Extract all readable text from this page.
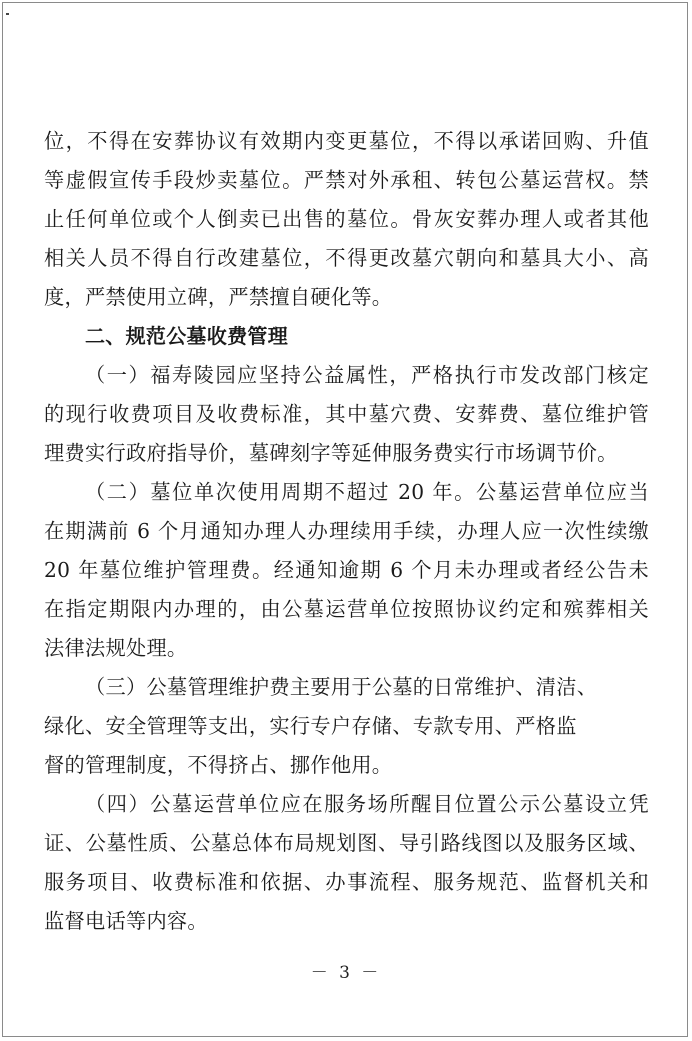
位，不得在安葬协议有效期内变更墓位，不得以承诺回购、升值
等虚假宣传手段炒卖墓位。严禁对外承租、转包公墓运营权。禁
止任何单位或个人倒卖已出售的墓位。骨灰安葬办理人或者其他
相关人员不得自行改建墓位，不得更改墓穴朝向和墓具大小、高
度，严禁使用立碑，严禁擅自硬化等。
二、规范公墓收费管理
（一）福寿陵园应坚持公益属性，严格执行市发改部门核定
的现行收费项目及收费标准，其中墓穴费、安葬费、墓位维护管
理费实行政府指导价，墓碑刻字等延伸服务费实行市场调节价。
（二）墓位单次使用周期不超过 20 年。公墓运营单位应当
在期满前 6 个月通知办理人办理续用手续，办理人应一次性续缴
20 年墓位维护管理费。经通知逾期 6 个月未办理或者经公告未
在指定期限内办理的，由公墓运营单位按照协议约定和殡葬相关
法律法规处理。
（三）公墓管理维护费主要用于公墓的日常维护、清洁、
绿化、安全管理等支出，实行专户存储、专款专用、严格监
督的管理制度，不得挤占、挪作他用。
（四）公墓运营单位应在服务场所醒目位置公示公墓设立凭
证、公墓性质、公墓总体布局规划图、导引路线图以及服务区域、
服务项目、收费标准和依据、办事流程、服务规范、监督机关和
监督电话等内容。
－ 3 －
